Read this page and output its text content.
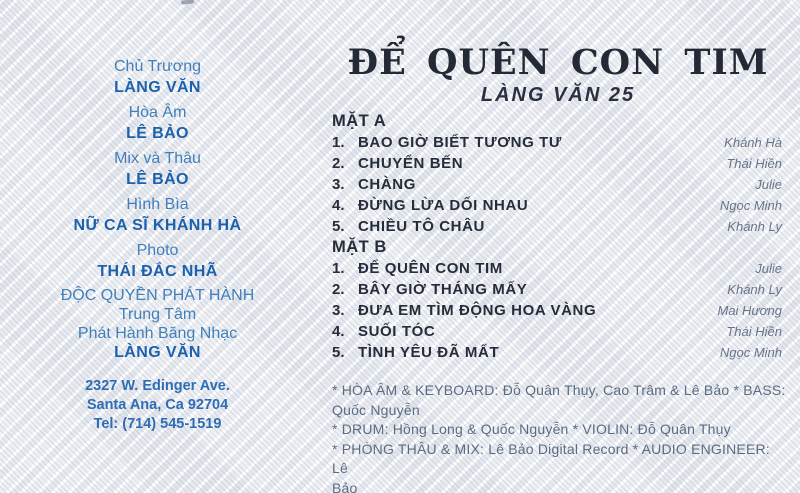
Chủ Trương
LÀNG VĂN
Hòa Âm
LÊ BẢO
Mix và Thâu
LÊ BẢO
Hình Bìa
NỮ CA SĨ KHÁNH HÀ
Photo
THÁI ĐẮC NHÃ
ĐỘC QUYỀN PHÁT HÀNH
Trung Tâm
Phát Hành Băng Nhạc
LÀNG VĂN
2327 W. Edinger Ave.
Santa Ana, Ca 92704
Tel: (714) 545-1519
ĐỂ QUÊN CON TIM
LÀNG VĂN 25
MẶT A
1. BAO GIỜ BIẾT TƯƠNG TƯ	Khánh Hà
2. CHUYỂN BẾN	Thái Hiền
3. CHÀNG	Julie
4. ĐỪNG LỪA DỐI NHAU	Ngọc Minh
5. CHIỀU TÔ CHÂU	Khánh Ly
MẶT B
1. ĐỂ QUÊN CON TIM	Julie
2. BÂY GIỜ THÁNG MẤY	Khánh Ly
3. ĐƯA EM TÌM ĐỘNG HOA VÀNG	Mai Hương
4. SUỐI TÓC	Thái Hiền
5. TÌNH YÊU ĐÃ MẤT	Ngọc Minh
* HÒA ÂM & KEYBOARD: Đỗ Quân Thụy, Cao Trâm & Lê Bảo * BASS:
Quốc Nguyễn
* DRUM: Hồng Long & Quốc Nguyễn * VIOLIN: Đỗ Quân Thụy
* PHÒNG THÂU & MIX: Lê Bảo Digital Record * AUDIO ENGINEER: Lê
Bảo
